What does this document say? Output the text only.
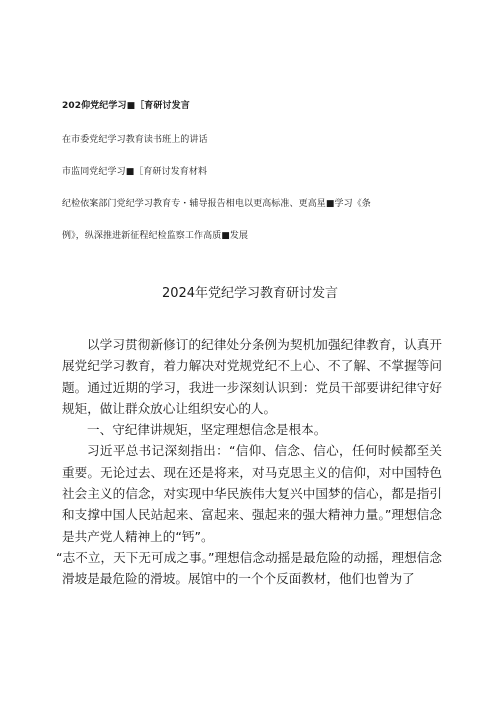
202仰党纪学习■［育研讨发言

在市委党纪学习教育读书班上的讲话

市监同党纪学习■［育研讨发育材料

纪检依案部门党纪学习教育专・辅导报告相电以更高标准、更高星■学习《条

例》，纵深推进新征程纪检监察工作高质■发展

2024年党纪学习教育研讨发言

以学习贯彻新修订的纪律处分条例为契机加强纪律教育，认真开展党纪学习教育，着力解决对党规党纪不上心、不了解、不掌握等问题。通过近期的学习，我进一步深刻认识到：党员干部要讲纪律守好规矩，做让群众放心让组织安心的人。

一、守纪律讲规矩，坚定理想信念是根本。

习近平总书记深刻指出：“信仰、信念、信心，任何时候都至关重要。无论过去、现在还是将来，对马克思主义的信仰，对中国特色社会主义的信念，对实现中华民族伟大复兴中国梦的信心，都是指引和支撑中国人民站起来、富起来、强起来的强大精神力量。”理想信念是共产党人精神上的“钙”。

“志不立，天下无可成之事。”理想信念动摇是最危险的动摇，理想信念滑坡是最危险的滑坡。展馆中的一个个反面教材，他们也曾为了
